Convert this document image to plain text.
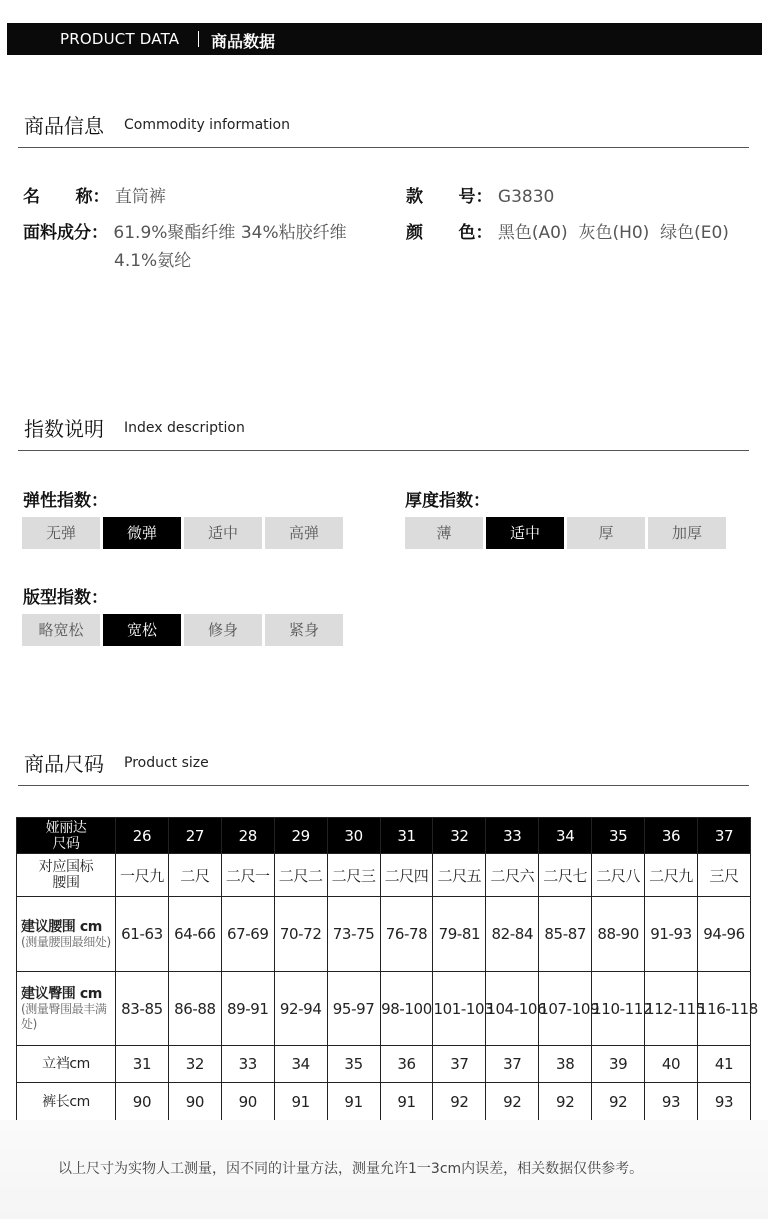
PRODUCT DATA 商品数据
商品信息 Commodity information
名      称： 直筒裤	款      号： G3830
面料成分： 61.9%聚酯纤维 34%粘胶纤维
4.1%氨纶
颜      色： 黑色(A0)  灰色(H0)  绿色(E0)
指数说明 Index description
弹性指数：
无弹	微弹	适中	高弹
厚度指数：
薄	适中	厚	加厚
版型指数：
略宽松	宽松	修身	紧身
商品尺码 Product size
娅丽达
尺码	26	27	28	29	30	31	32	33	34	35	36	37
对应国标
腰围	一尺九	二尺	二尺一	二尺二	二尺三	二尺四	二尺五	二尺六	二尺七	二尺八	二尺九	三尺
建议腰围 cm
(测量腰围最细处)	61-63	64-66	67-69	70-72	73-75	76-78	79-81	82-84	85-87	88-90	91-93	94-96
建议臀围 cm
(测量臀围最丰满处)	83-85	86-88	89-91	92-94	95-97	98-100	101-103	104-106	107-109	110-112	112-115	116-118
立裆cm	31	32	33	34	35	36	37	37	38	39	40	41
裤长cm	90	90	90	91	91	91	92	92	92	92	93	93
以上尺寸为实物人工测量，因不同的计量方法，测量允许1一3cm内误差，相关数据仅供参考。
